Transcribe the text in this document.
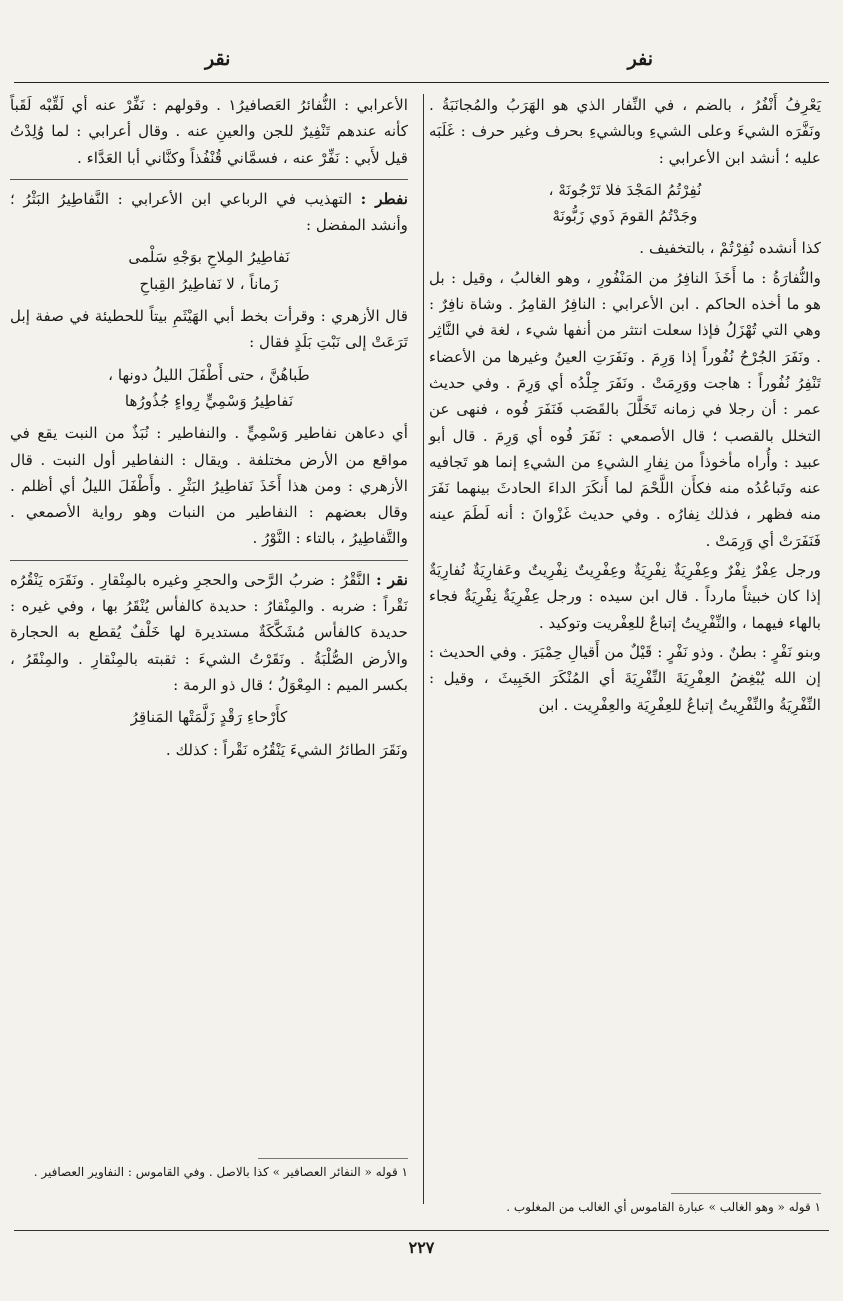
نفر
نقر

يَعْرِفُ أَنْفُرُ ، بالضم ، في النِّفار الذي هو الهَرَبُ والمُجانَبَةُ . ونَفَّرَه الشيءَ وعلى الشيءِ وبالشيءِ بحرف وغير حرف : غَلَبَه عليه ؛ أنشد ابن الأعرابي :

نُفِرْتُمُ المَجْدَ فلا تَرْجُونَهْ ،
وجَدْتُمُ القومَ ذَوي زَبُّونَهْ

كذا أنشده نُفِرْتُمْ ، بالتخفيف .

والنُّفارَةُ : ما أَخَذَ النافِرُ من المَنْفُورِ ، وهو الغالبُ ، وقيل : بل هو ما أخذه الحاكم . ابن الأعرابي : النافِرُ القامِرُ . وشاة نافِرٌ : وهي التي تُهْزَلُ فإذا سعلت انتثر من أنفها شيء ، لغة في النَّاثِر . ونَفَرَ الجُرْحُ نُفُوراً إذا وَرِمَ . ونَفَرَتِ العينُ وغيرها من الأعضاء تَنْفِرُ نُفُوراً : هاجت ووَرِمَتْ . ونَفَرَ جِلْدُه أي وَرِمَ . وفي حديث عمر : أن رجلا في زمانه تَخَلَّلَ بالقَصَب فَنَفَرَ فُوه ، فنهى عن التخلل بالقصب ؛ قال الأصمعي : نَفَرَ فُوه أي وَرِمَ . قال أبو عبيد : وأُراه مأخوذاً من نِفارِ الشيءِ من الشيءِ إنما هو تَجافيه عنه وتَباعُدُه منه فكأَن اللَّحْمَ لما أَنكَرَ الداءَ الحادثَ بينهما نَفَرَ منه فظهر ، فذلك نِفارُه . وفي حديث غَزْوانَ : أنه لَطَمَ عينه فَنَفَرَتْ أي وَرِمَتْ .

ورجل عِفْرٌ نِفْرٌ وعِفْرِيَةٌ نِفْرِيَةٌ وعِفْرِيتٌ نِفْرِيتٌ وعَفارِيَةٌ نُفارِيَةٌ إذا كان خبيثاً مارداً . قال ابن سيده : ورجل عِفْرِيَةٌ نِفْرِيَةٌ فجاء بالهاء فيهما ، والنِّفْرِيتُ إتباعٌ للعِفْريت وتوكيد .

وبنو نَفْرٍ : بطنٌ . وذو نَفْرٍ : قَيْلٌ من أَقيالِ حِمْيَرَ . وفي الحديث : إن الله يُبْغِضُ العِفْرِيَةَ النِّفْرِيَةَ أي المُنْكَرَ الخَبِيثَ ، وقيل : النِّفْرِيَةُ والنِّفْرِيتُ إتباعُ للعِفْرِيَة والعِفْرِيت . ابن

الأعرابي : النُّفائرُ العَصافيرُ١ . وقولهم : نَفِّرْ عنه أي لَقِّبْه لَقَباً كأنه عندهم تَنْفِيرٌ للجن والعينِ عنه . وقال أعرابي : لما وُلِدْتُ قيل لأَبي : نَفِّرْ عنه ، فسمَّاني قُنْفُذاً وكنَّاني أبا العَدَّاء .

نفطر : التهذيب في الرباعي ابن الأعرابي : النَّفاطِيرُ البَثْرُ ؛ وأنشد المفضل :

نَفاطِيرُ المِلاحِ بوَجْهِ سَلْمى
زَماناً ، لا نَفاطِيرُ القِباحِ

قال الأزهري : وقرأت بخط أبي الهَيْثَمِ بيتاً للحطيئة في صفة إبل تَرَعَتْ إلى نَبْتِ بَلَدٍ فقال :

طَباهُنَّ ، حتى أَطْفَلَ الليلُ دونها ،
نَفاطِيرُ وَسْمِيٍّ رِواءٍ جُذُورُها

أي دعاهن نفاطير وَسْمِيٍّ . والنفاطير : نُبَذٌ من النبت يقع في مواقع من الأرض مختلفة . ويقال : النفاطير أول النبت . قال الأزهري : ومن هذا أَخَذَ نَفاطِيرُ البَثْرِ . وأَطْفَلَ الليلُ أي أظلم . وقال بعضهم : النفاطير من النبات وهو رواية الأصمعي . والتَّفاطِيرُ ، بالتاء : النَّوْرُ .

نقر : النَّقْرُ : ضربُ الرَّحى والحجرِ وغيره بالمِنْقارِ . ونَقَرَه يَنْقُرُه نَقْراً : ضربه . والمِنْقارُ : حديدة كالفأس يُنْقَرُ بها ، وفي غيره : حديدة كالفأس مُشَكَّكَةٌ مستديرة لها خَلْفٌ يُقطع به الحجارة والأرض الصُّلْبَةُ . ونَقَرْتُ الشيءَ : ثقبته بالمِنْقارِ . والمِنْقَرُ ، بكسر الميم : المِعْوَلُ ؛ قال ذو الرمة :

كأَرْحاءِ رَقْدٍ زَلَّمَتْها المَناقِرُ

ونَقَرَ الطائرُ الشيءَ يَنْقُرُه نَقْراً : كذلك .

١ قوله « النفائر العصافير » كذا بالاصل . وفي القاموس : النفاوير العصافير .
١ قوله « وهو الغالب » عبارة القاموس أي الغالب من المغلوب .
٢٢٧
